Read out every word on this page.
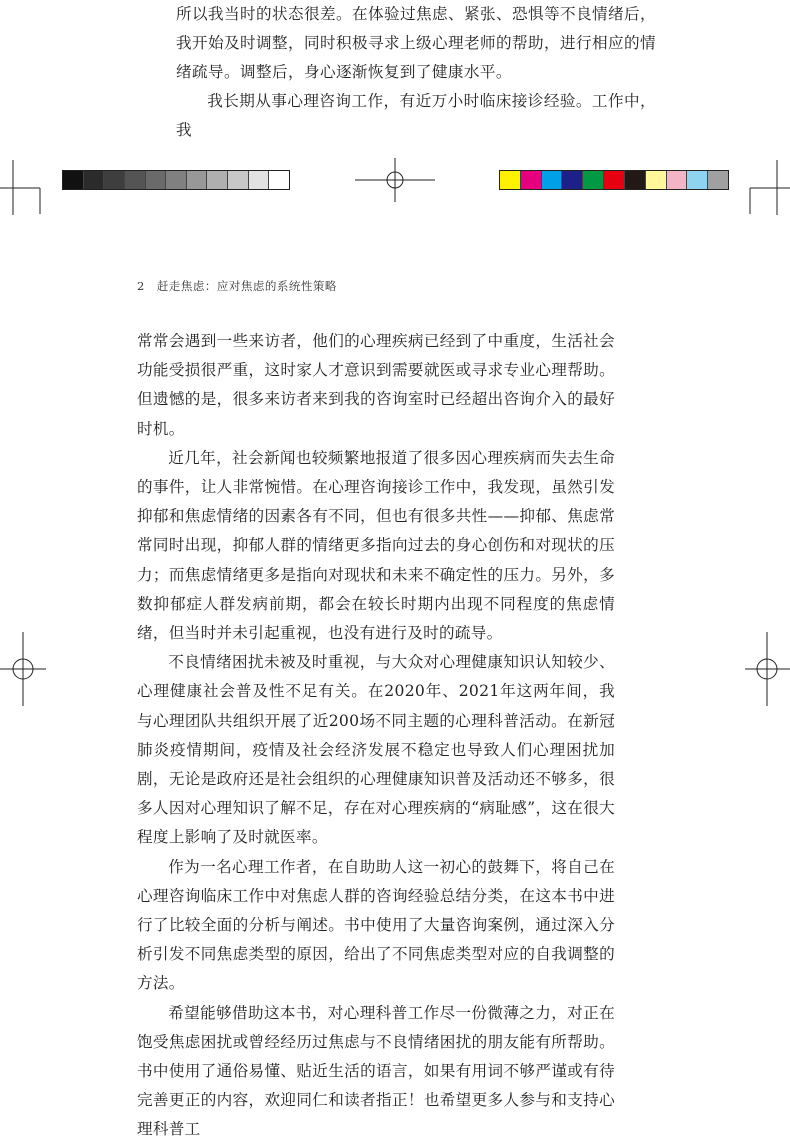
所以我当时的状态很差。在体验过焦虑、紧张、恐惧等不良情绪后，我开始及时调整，同时积极寻求上级心理老师的帮助，进行相应的情绪疏导。调整后，身心逐渐恢复到了健康水平。

我长期从事心理咨询工作，有近万小时临床接诊经验。工作中，我

2 赶走焦虑：应对焦虑的系统性策略

常常会遇到一些来访者，他们的心理疾病已经到了中重度，生活社会功能受损很严重，这时家人才意识到需要就医或寻求专业心理帮助。但遗憾的是，很多来访者来到我的咨询室时已经超出咨询介入的最好时机。

近几年，社会新闻也较频繁地报道了很多因心理疾病而失去生命的事件，让人非常惋惜。在心理咨询接诊工作中，我发现，虽然引发抑郁和焦虑情绪的因素各有不同，但也有很多共性——抑郁、焦虑常常同时出现，抑郁人群的情绪更多指向过去的身心创伤和对现状的压力；而焦虑情绪更多是指向对现状和未来不确定性的压力。另外，多数抑郁症人群发病前期，都会在较长时期内出现不同程度的焦虑情绪，但当时并未引起重视，也没有进行及时的疏导。

不良情绪困扰未被及时重视，与大众对心理健康知识认知较少、心理健康社会普及性不足有关。在2020年、2021年这两年间，我与心理团队共组织开展了近200场不同主题的心理科普活动。在新冠肺炎疫情期间，疫情及社会经济发展不稳定也导致人们心理困扰加剧，无论是政府还是社会组织的心理健康知识普及活动还不够多，很多人因对心理知识了解不足，存在对心理疾病的“病耻感”，这在很大程度上影响了及时就医率。

作为一名心理工作者，在自助助人这一初心的鼓舞下，将自己在心理咨询临床工作中对焦虑人群的咨询经验总结分类，在这本书中进行了比较全面的分析与阐述。书中使用了大量咨询案例，通过深入分析引发不同焦虑类型的原因，给出了不同焦虑类型对应的自我调整的方法。

希望能够借助这本书，对心理科普工作尽一份微薄之力，对正在饱受焦虑困扰或曾经经历过焦虑与不良情绪困扰的朋友能有所帮助。书中使用了通俗易懂、贴近生活的语言，如果有用词不够严谨或有待完善更正的内容，欢迎同仁和读者指正！也希望更多人参与和支持心理科普工
